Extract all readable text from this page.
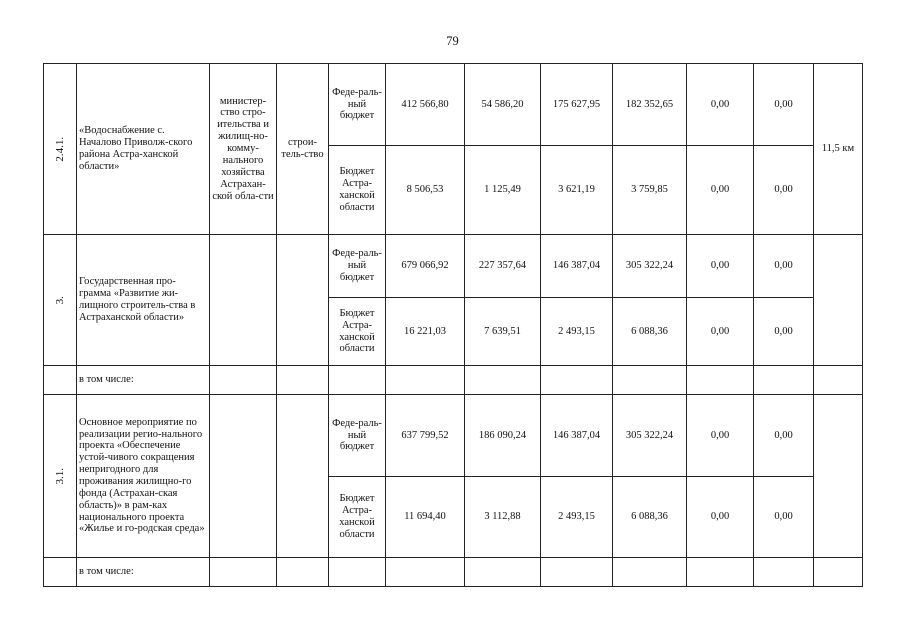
79
2.4.1.	«Водоснабжение с. Началово Приволж-ского района Астра-ханской области»	министер-ство стро-ительства и жилищ-но-комму-нального хозяйства Астрахан-ской обла-сти	строи-тель-ство	Феде-раль-ный бюджет	412 566,80	54 586,20	175 627,95	182 352,65	0,00	0,00	11,5 км
				Бюджет Астра-ханской области	8 506,53	1 125,49	3 621,19	3 759,85	0,00	0,00	
3.	Государственная про-грамма «Развитие жи-лищного строитель-ства в Астраханской области»			Феде-раль-ный бюджет	679 066,92	227 357,64	146 387,04	305 322,24	0,00	0,00	
				Бюджет Астра-ханской области	16 221,03	7 639,51	2 493,15	6 088,36	0,00	0,00	
	в том числе:										
3.1.	Основное мероприятие по реализации регио-нального проекта «Обеспечение устой-чивого сокращения непригодного для проживания жилищно-го фонда (Астрахан-ская область)» в рам-ках национального проекта «Жилье и го-родская среда»			Феде-раль-ный бюджет	637 799,52	186 090,24	146 387,04	305 322,24	0,00	0,00	
				Бюджет Астра-ханской области	11 694,40	3 112,88	2 493,15	6 088,36	0,00	0,00	
	в том числе:										
